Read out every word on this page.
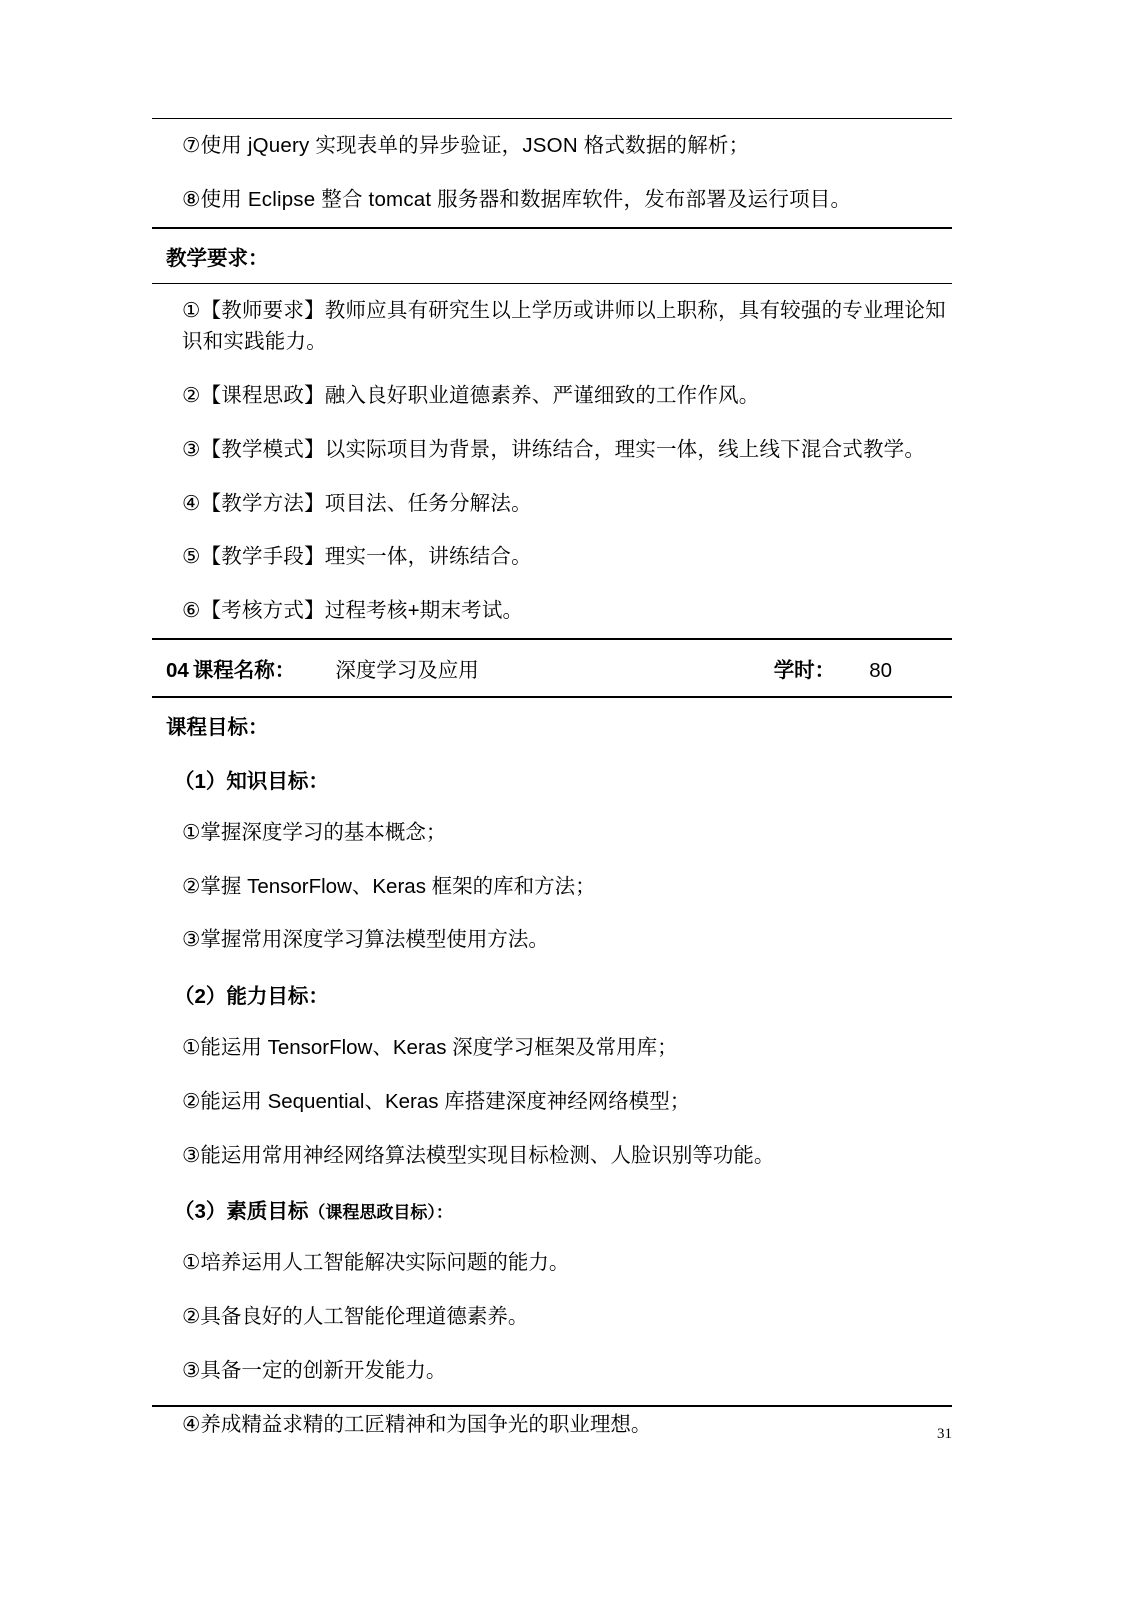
⑦使用 jQuery 实现表单的异步验证，JSON 格式数据的解析；

⑧使用 Eclipse 整合 tomcat 服务器和数据库软件，发布部署及运行项目。

教学要求：

①【教师要求】教师应具有研究生以上学历或讲师以上职称，具有较强的专业理论知识和实践能力。

②【课程思政】融入良好职业道德素养、严谨细致的工作作风。

③【教学模式】以实际项目为背景，讲练结合，理实一体，线上线下混合式教学。

④【教学方法】项目法、任务分解法。

⑤【教学手段】理实一体，讲练结合。

⑥【考核方式】过程考核+期末考试。

04 课程名称： 深度学习及应用	学时： 80

课程目标：

（1）知识目标：

①掌握深度学习的基本概念；

②掌握 TensorFlow、Keras 框架的库和方法；

③掌握常用深度学习算法模型使用方法。

（2）能力目标：

①能运用 TensorFlow、Keras 深度学习框架及常用库；

②能运用 Sequential、Keras 库搭建深度神经网络模型；

③能运用常用神经网络算法模型实现目标检测、人脸识别等功能。

（3）素质目标（课程思政目标）：

①培养运用人工智能解决实际问题的能力。

②具备良好的人工智能伦理道德素养。

③具备一定的创新开发能力。

④养成精益求精的工匠精神和为国争光的职业理想。	31
